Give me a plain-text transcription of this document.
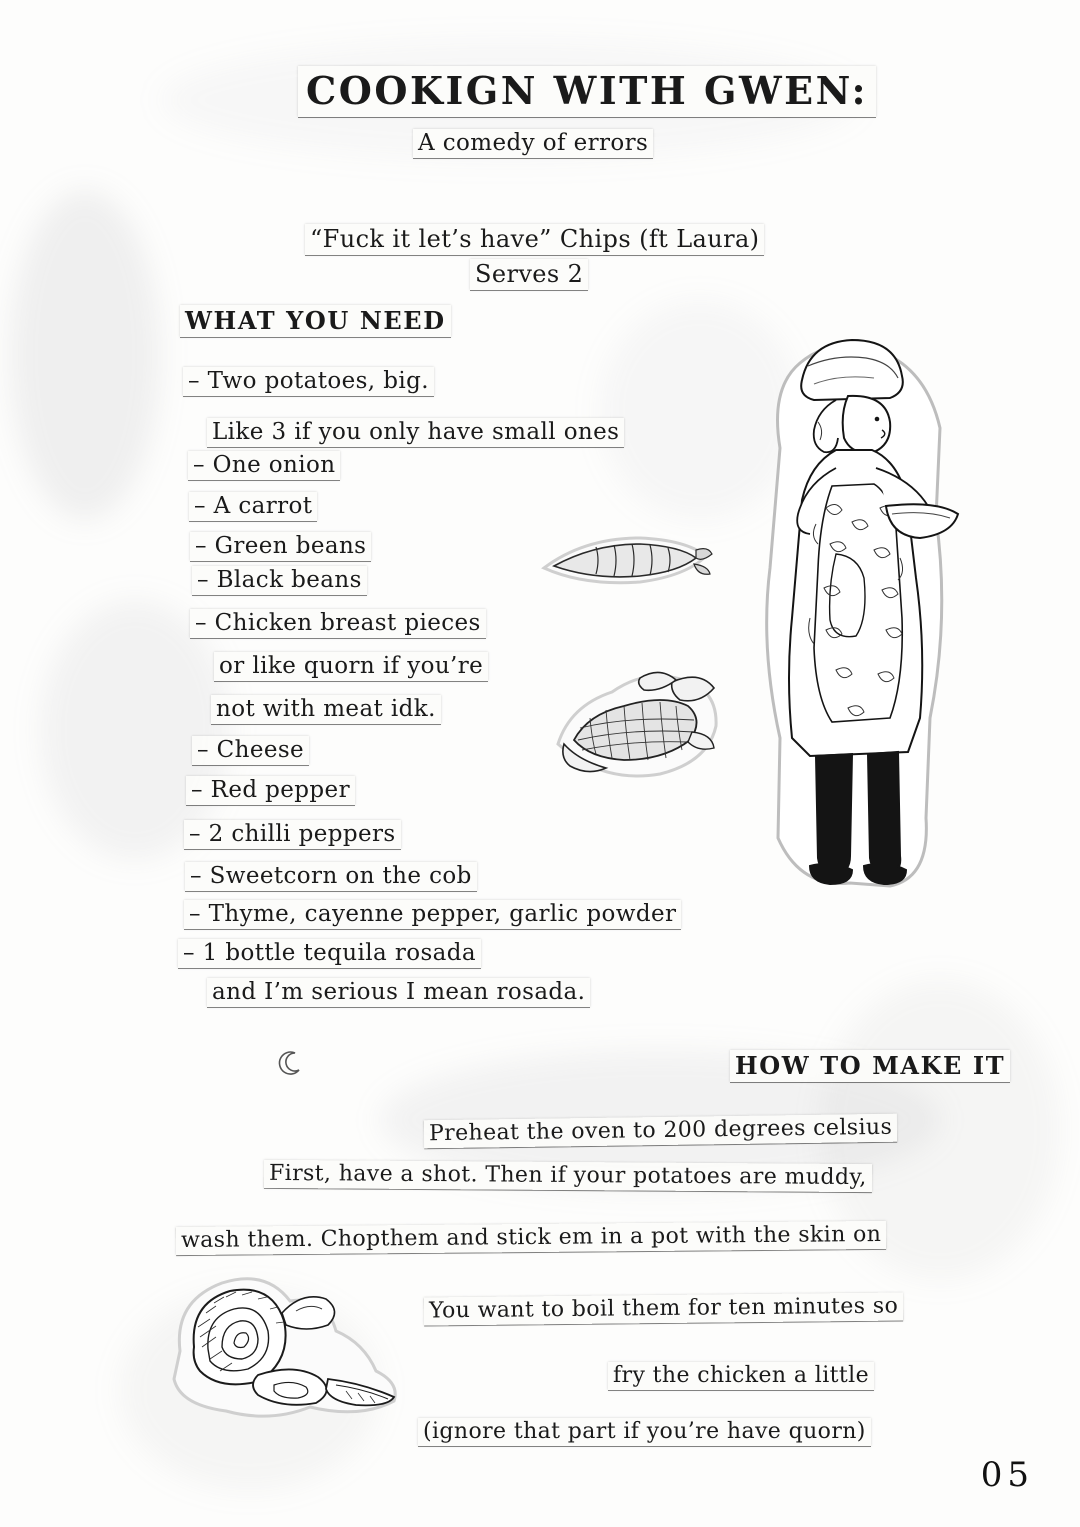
COOKIGN WITH GWEN:
A comedy of errors
“Fuck it let’s have” Chips (ft Laura)
Serves 2
WHAT YOU NEED
– Two potatoes, big.
Like 3 if you only have small ones
– One onion
– A carrot
– Green beans
– Black beans
– Chicken breast pieces
or like quorn if you’re
not with meat idk.
– Cheese
– Red pepper
– 2 chilli peppers
– Sweetcorn on the cob
– Thyme, cayenne pepper, garlic powder
– 1 bottle tequila rosada
and I’m serious I mean rosada.
HOW TO MAKE IT
Preheat the oven to 200 degrees celsius
First, have a shot. Then if your potatoes are muddy,
wash them. Chopthem and stick em in a pot with the skin on
You want to boil them for ten minutes so
fry the chicken a little
(ignore that part if you’re have quorn)
05
